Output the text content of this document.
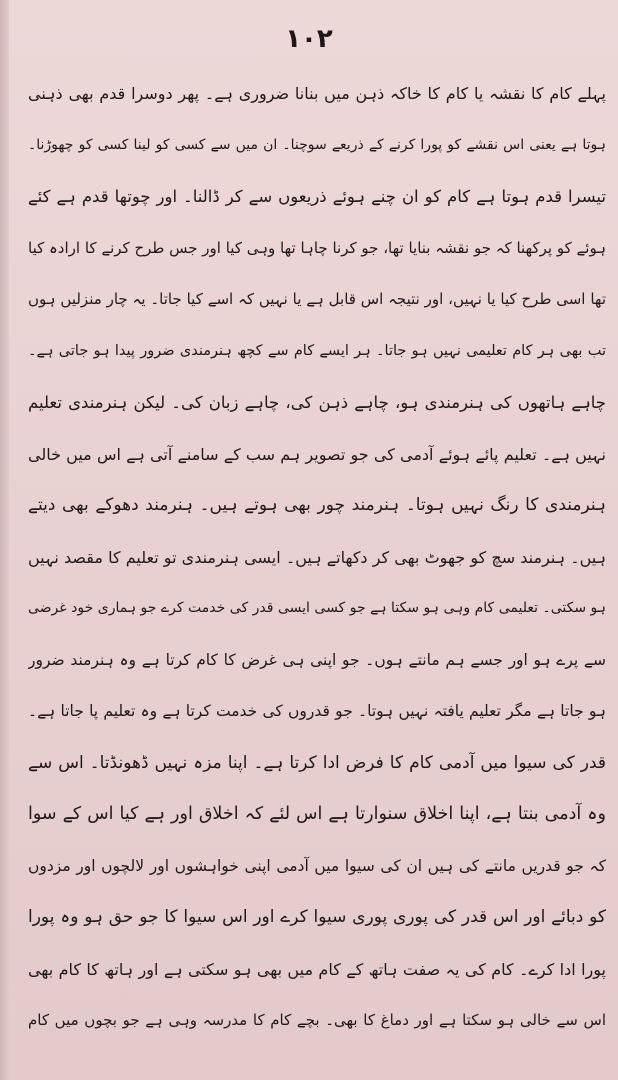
۱۰۲
پہلے کام کا نقشہ یا کام کا خاکہ ذہن میں بنانا ضروری ہے۔ پھر دوسرا قدم بھی ذہنی
ہوتا ہے یعنی اس نقشے کو پورا کرنے کے ذریعے سوچنا۔ ان میں سے کسی کو لینا کسی کو چھوڑنا۔
تیسرا قدم ہوتا ہے کام کو ان چنے ہوئے ذریعوں سے کر ڈالنا۔ اور چوتھا قدم ہے کئے
ہوئے کو پرکھنا کہ جو نقشہ بنایا تھا، جو کرنا چاہا تھا وہی کیا اور جس طرح کرنے کا ارادہ کیا
تھا اسی طرح کیا یا نہیں، اور نتیجہ اس قابل ہے یا نہیں کہ اسے کیا جاتا۔ یہ چار منزلیں ہوں
تب بھی ہر کام تعلیمی نہیں ہو جاتا۔ ہر ایسے کام سے کچھ ہنرمندی ضرور پیدا ہو جاتی ہے۔
چاہے ہاتھوں کی ہنرمندی ہو، چاہے ذہن کی، چاہے زبان کی۔ لیکن ہنرمندی تعلیم
نہیں ہے۔ تعلیم پائے ہوئے آدمی کی جو تصویر ہم سب کے سامنے آتی ہے اس میں خالی
ہنرمندی کا رنگ نہیں ہوتا۔ ہنرمند چور بھی ہوتے ہیں۔ ہنرمند دھوکے بھی دیتے
ہیں۔ ہنرمند سچ کو جھوٹ بھی کر دکھاتے ہیں۔ ایسی ہنرمندی تو تعلیم کا مقصد نہیں
ہو سکتی۔ تعلیمی کام وہی ہو سکتا ہے جو کسی ایسی قدر کی خدمت کرے جو ہماری خود غرضی
سے پرے ہو اور جسے ہم مانتے ہوں۔ جو اپنی ہی غرض کا کام کرتا ہے وہ ہنرمند ضرور
ہو جاتا ہے مگر تعلیم یافتہ نہیں ہوتا۔ جو قدروں کی خدمت کرتا ہے وہ تعلیم پا جاتا ہے۔
قدر کی سیوا میں آدمی کام کا فرض ادا کرتا ہے۔ اپنا مزہ نہیں ڈھونڈتا۔ اس سے
وہ آدمی بنتا ہے، اپنا اخلاق سنوارتا ہے اس لئے کہ اخلاق اور ہے کیا اس کے سوا
کہ جو قدریں مانتے کی ہیں ان کی سیوا میں آدمی اپنی خواہشوں اور لالچوں اور مزدوں
کو دبائے اور اس قدر کی پوری پوری سیوا کرے اور اس سیوا کا جو حق ہو وہ پورا
پورا ادا کرے۔ کام کی یہ صفت ہاتھ کے کام میں بھی ہو سکتی ہے اور ہاتھ کا کام بھی
اس سے خالی ہو سکتا ہے اور دماغ کا بھی۔ بچے کام کا مدرسہ وہی ہے جو بچوں میں کام
